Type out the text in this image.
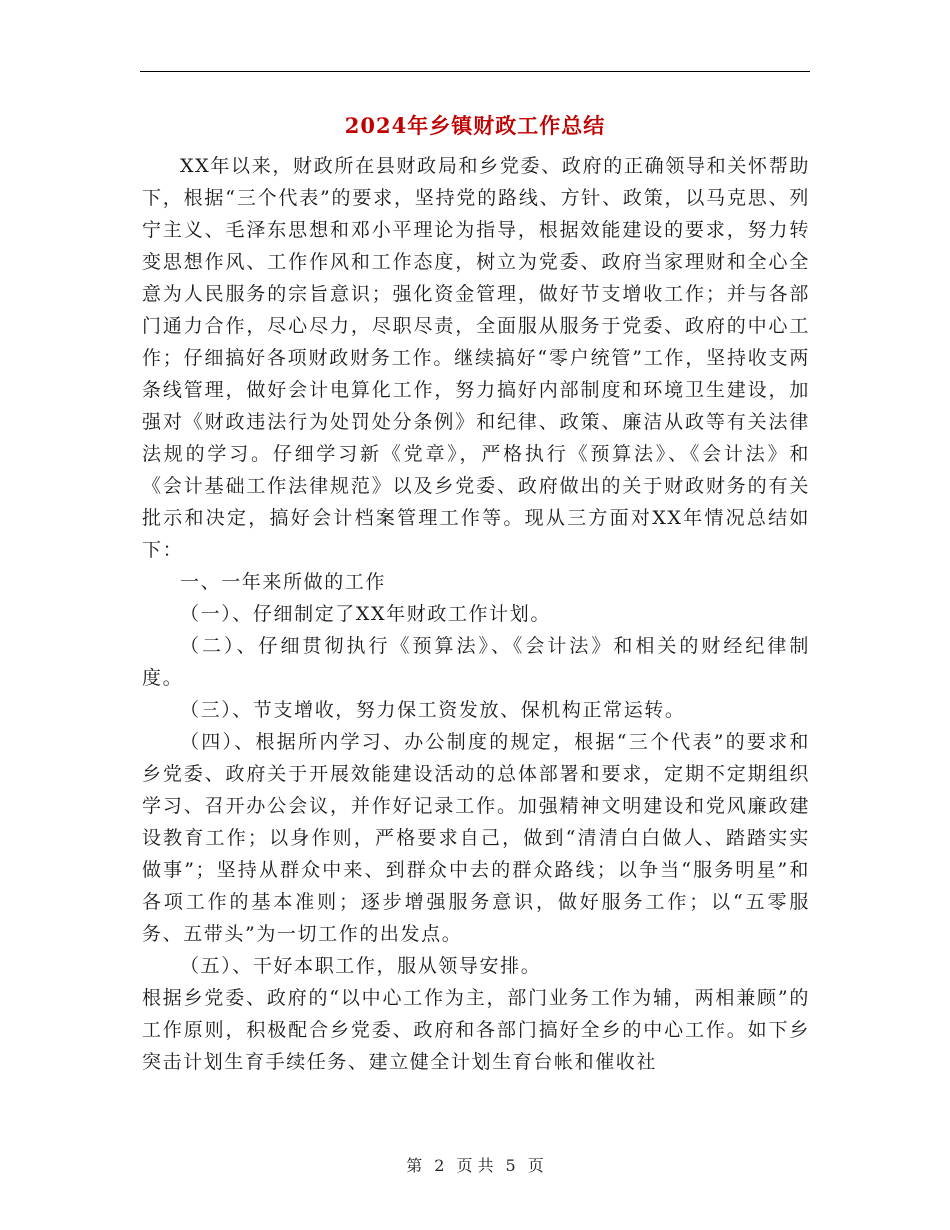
2024年乡镇财政工作总结

XX年以来，财政所在县财政局和乡党委、政府的正确领导和关怀帮助下，根据“三个代表”的要求，坚持党的路线、方针、政策，以马克思、列宁主义、毛泽东思想和邓小平理论为指导，根据效能建设的要求，努力转变思想作风、工作作风和工作态度，树立为党委、政府当家理财和全心全意为人民服务的宗旨意识；强化资金管理，做好节支增收工作；并与各部门通力合作，尽心尽力，尽职尽责，全面服从服务于党委、政府的中心工作；仔细搞好各项财政财务工作。继续搞好“零户统管”工作，坚持收支两条线管理，做好会计电算化工作，努力搞好内部制度和环境卫生建设，加强对《财政违法行为处罚处分条例》和纪律、政策、廉洁从政等有关法律法规的学习。仔细学习新《党章》，严格执行《预算法》、《会计法》和《会计基础工作法律规范》以及乡党委、政府做出的关于财政财务的有关批示和决定，搞好会计档案管理工作等。现从三方面对XX年情况总结如下：

一、一年来所做的工作

（一）、仔细制定了XX年财政工作计划。

（二）、仔细贯彻执行《预算法》、《会计法》和相关的财经纪律制度。

（三）、节支增收，努力保工资发放、保机构正常运转。

（四）、根据所内学习、办公制度的规定，根据“三个代表”的要求和乡党委、政府关于开展效能建设活动的总体部署和要求，定期不定期组织学习、召开办公会议，并作好记录工作。加强精神文明建设和党风廉政建设教育工作；以身作则，严格要求自己，做到“清清白白做人、踏踏实实做事”；坚持从群众中来、到群众中去的群众路线；以争当“服务明星”和各项工作的基本准则；逐步增强服务意识，做好服务工作；以“五零服务、五带头”为一切工作的出发点。

（五）、干好本职工作，服从领导安排。

根据乡党委、政府的“以中心工作为主，部门业务工作为辅，两相兼顾”的工作原则，积极配合乡党委、政府和各部门搞好全乡的中心工作。如下乡突击计划生育手续任务、建立健全计划生育台帐和催收社

第 2 页 共 5 页
